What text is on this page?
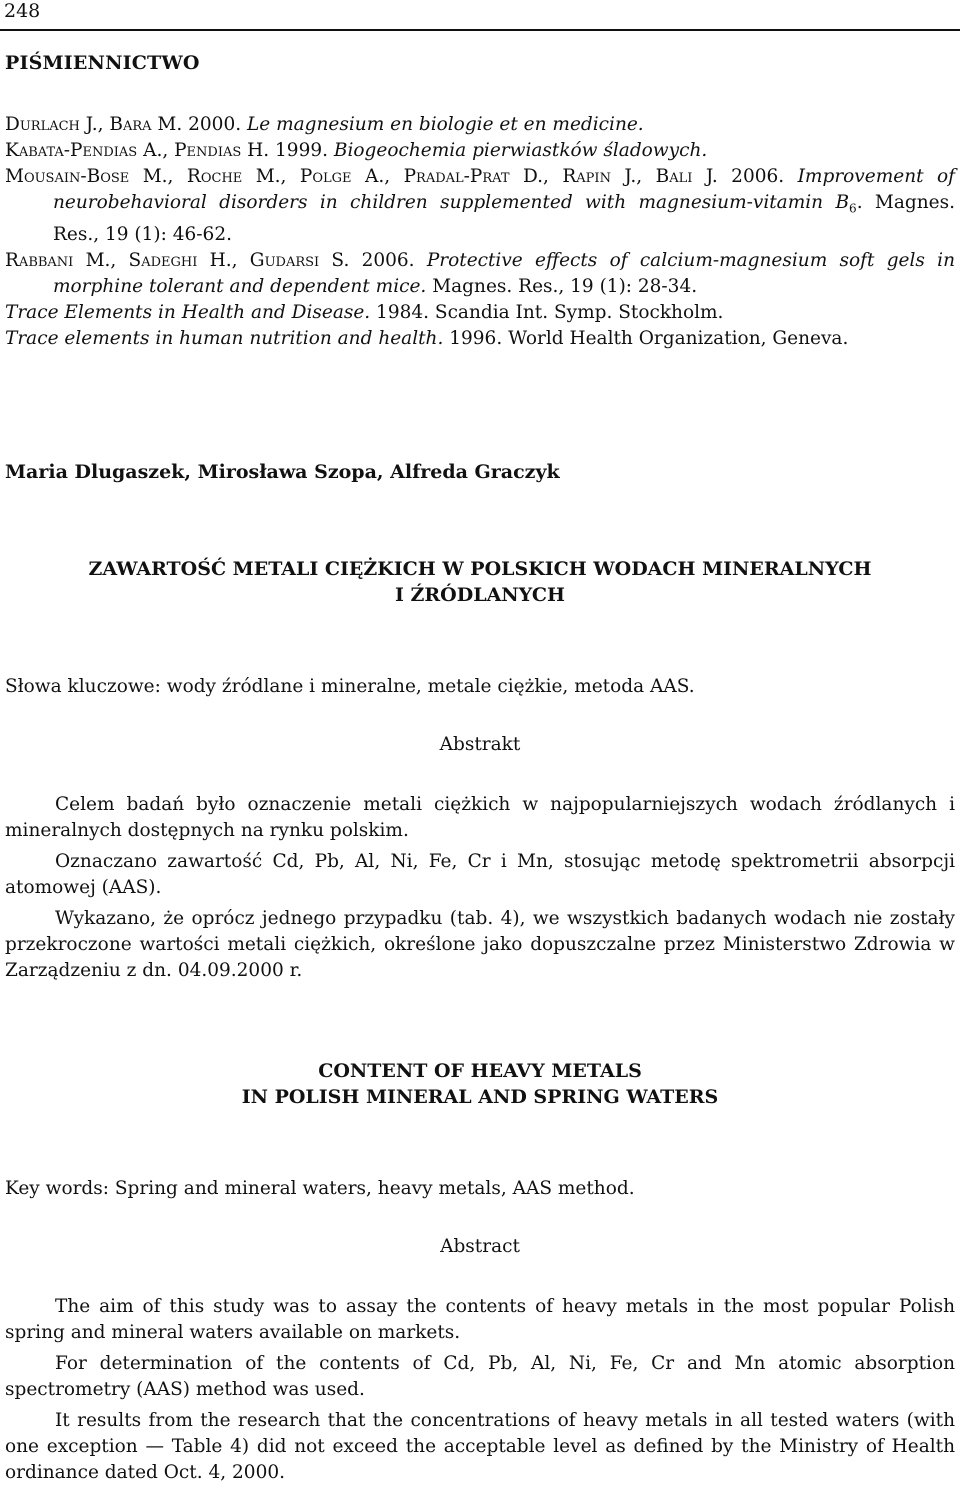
248
PIŚMIENNICTWO

Durlach J., Bara M. 2000. Le magnesium en biologie et en medicine.

Kabata-Pendias A., Pendias H. 1999. Biogeochemia pierwiastków śladowych.

Mousain-Bose M., Roche M., Polge A., Pradal-Prat D., Rapin J., Bali J. 2006. Improvement of neurobehavioral disorders in children supplemented with magnesium-vitamin $B_6$. Magnes. Res., 19 (1): 46-62.

Rabbani M., Sadeghi H., Gudarsi S. 2006. Protective effects of calcium-magnesium soft gels in morphine tolerant and dependent mice. Magnes. Res., 19 (1): 28-34.

Trace Elements in Health and Disease. 1984. Scandia Int. Symp. Stockholm.

Trace elements in human nutrition and health. 1996. World Health Organization, Geneva.

Maria Dlugaszek, Mirosława Szopa, Alfreda Graczyk
ZAWARTOŚĆ METALI CIĘŻKICH W POLSKICH WODACH MINERALNYCH
I ŹRÓDLANYCH
Słowa kluczowe: wody źródlane i mineralne, metale ciężkie, metoda AAS.
Abstrakt

Celem badań było oznaczenie metali ciężkich w najpopularniejszych wodach źródlanych i mineralnych dostępnych na rynku polskim.

Oznaczano zawartość Cd, Pb, Al, Ni, Fe, Cr i Mn, stosując metodę spektrometrii absorpcji atomowej (AAS).

Wykazano, że oprócz jednego przypadku (tab. 4), we wszystkich badanych wodach nie zostały przekroczone wartości metali ciężkich, określone jako dopuszczalne przez Ministerstwo Zdrowia w Zarządzeniu z dn. 04.09.2000 r.

CONTENT OF HEAVY METALS
IN POLISH MINERAL AND SPRING WATERS
Key words: Spring and mineral waters, heavy metals, AAS method.
Abstract

The aim of this study was to assay the contents of heavy metals in the most popular Polish spring and mineral waters available on markets.

For determination of the contents of Cd, Pb, Al, Ni, Fe, Cr and Mn atomic absorption spectrometry (AAS) method was used.

It results from the research that the concentrations of heavy metals in all tested waters (with one exception — Table 4) did not exceed the acceptable level as defined by the Ministry of Health ordinance dated Oct. 4, 2000.
